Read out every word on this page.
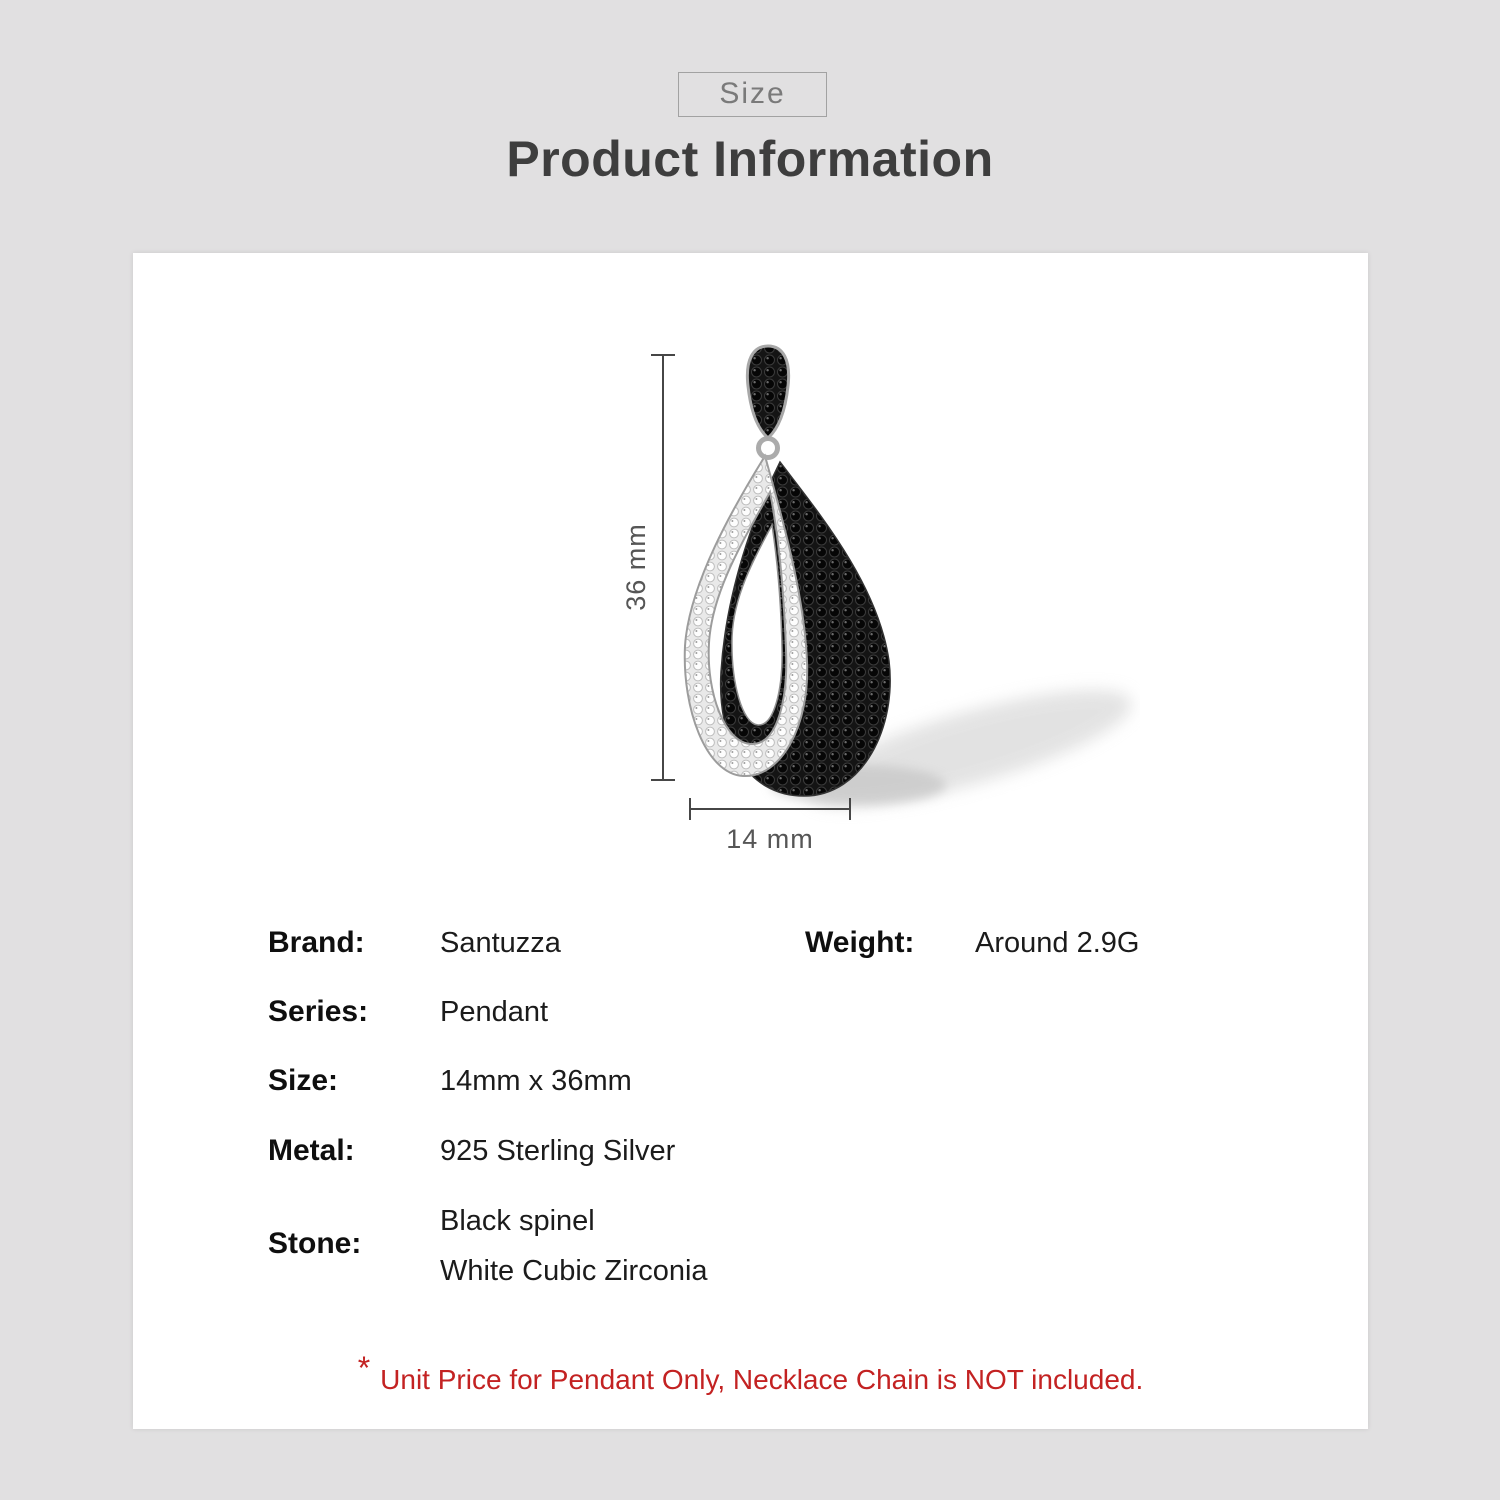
Size
Product Information
36 mm
14 mm
Brand:	Santuzza	Weight: Around 2.9G
Series: Pendant
Size:	14mm x 36mm
Metal:	925 Sterling Silver
Stone:
Black spinel
White Cubic Zirconia
* Unit Price for Pendant Only, Necklace Chain is NOT included.
